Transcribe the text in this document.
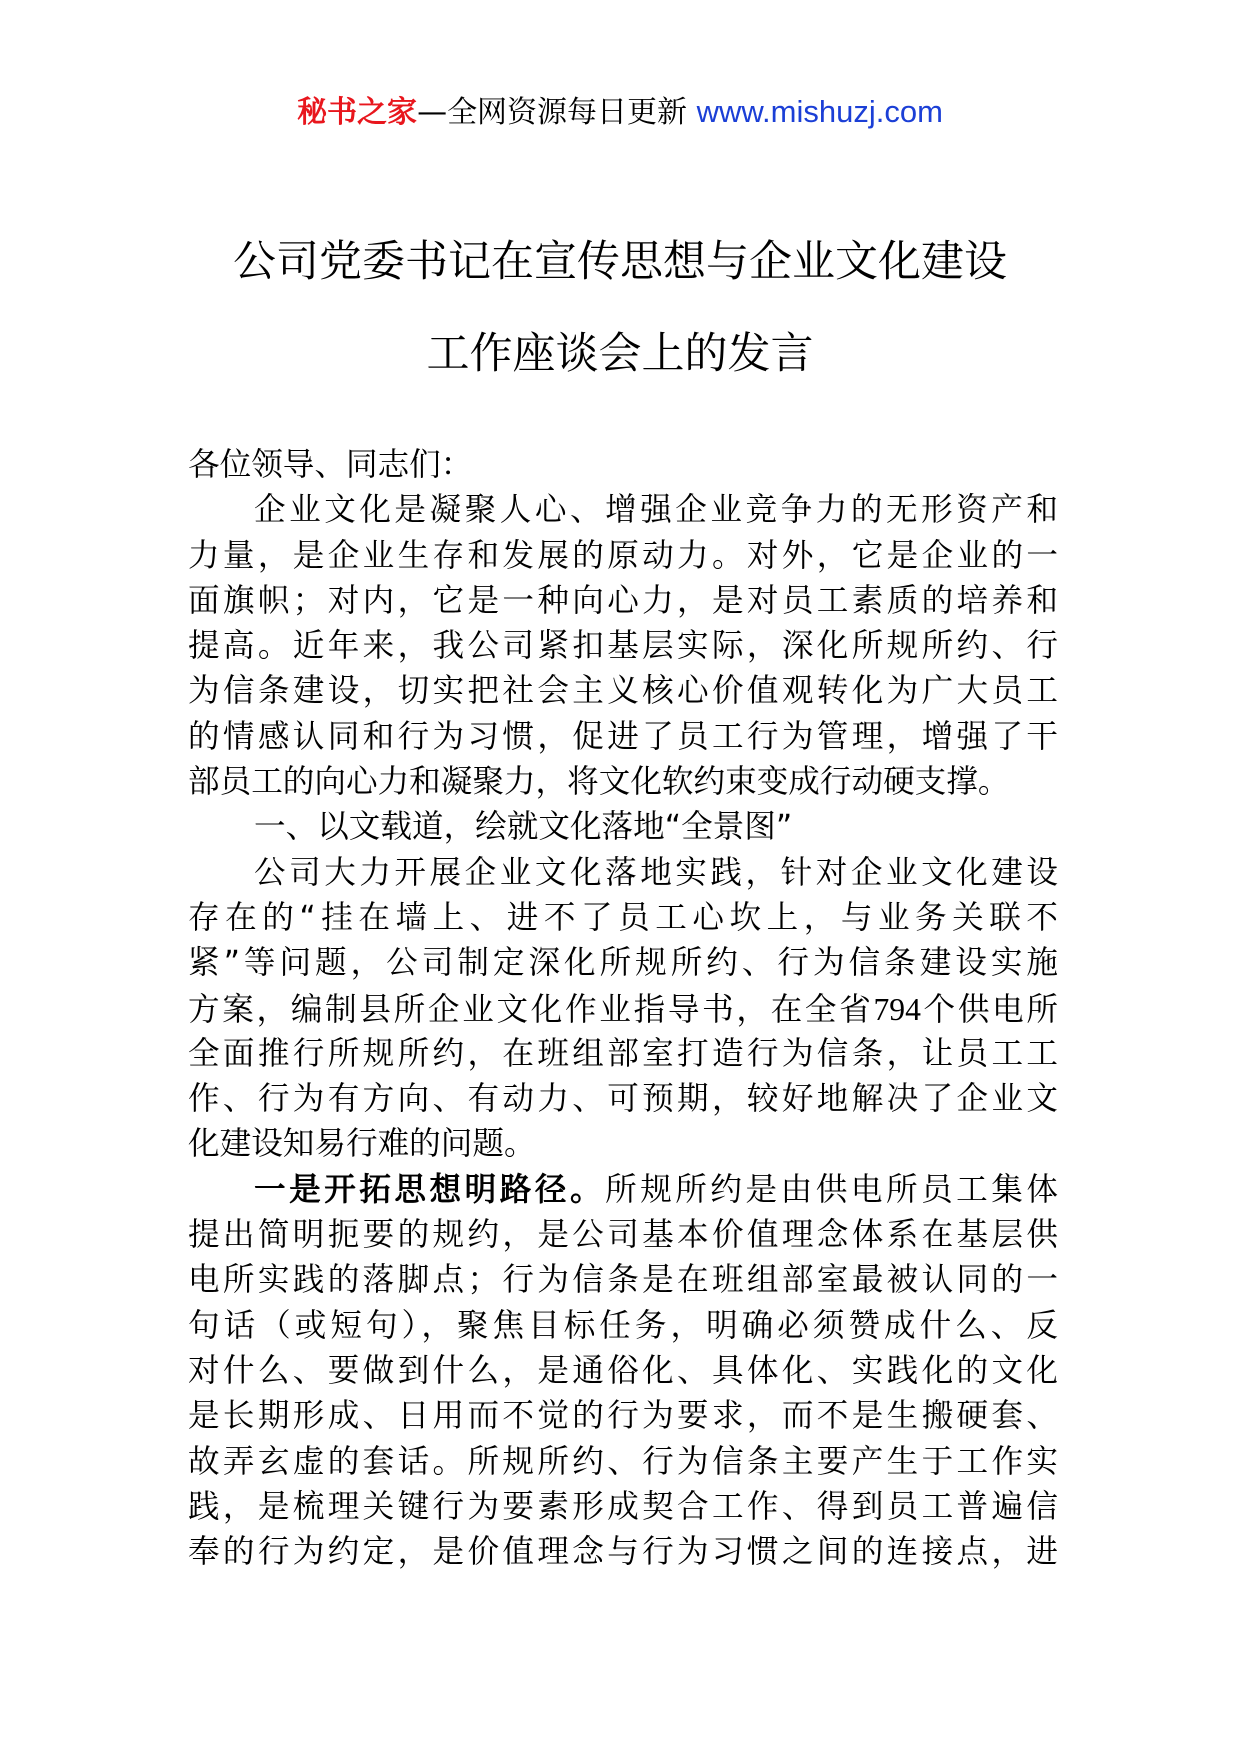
秘书之家—全网资源每日更新 www.mishuzj.com
公司党委书记在宣传思想与企业文化建设
工作座谈会上的发言
各位领导、同志们：
企业文化是凝聚人心、增强企业竞争力的无形资产和
力量，是企业生存和发展的原动力。对外，它是企业的一
面旗帜；对内，它是一种向心力，是对员工素质的培养和
提高。近年来，我公司紧扣基层实际，深化所规所约、行
为信条建设，切实把社会主义核心价值观转化为广大员工
的情感认同和行为习惯，促进了员工行为管理，增强了干
部员工的向心力和凝聚力，将文化软约束变成行动硬支撑。
一、以文载道，绘就文化落地“全景图”
公司大力开展企业文化落地实践，针对企业文化建设
存在的“挂在墙上、进不了员工心坎上，与业务关联不
紧”等问题，公司制定深化所规所约、行为信条建设实施
方案，编制县所企业文化作业指导书，在全省794个供电所
全面推行所规所约，在班组部室打造行为信条，让员工工
作、行为有方向、有动力、可预期，较好地解决了企业文
化建设知易行难的问题。
一是开拓思想明路径。所规所约是由供电所员工集体
提出简明扼要的规约，是公司基本价值理念体系在基层供
电所实践的落脚点；行为信条是在班组部室最被认同的一
句话（或短句），聚焦目标任务，明确必须赞成什么、反
对什么、要做到什么，是通俗化、具体化、实践化的文化
是长期形成、日用而不觉的行为要求，而不是生搬硬套、
故弄玄虚的套话。所规所约、行为信条主要产生于工作实
践，是梳理关键行为要素形成契合工作、得到员工普遍信
奉的行为约定，是价值理念与行为习惯之间的连接点，进
